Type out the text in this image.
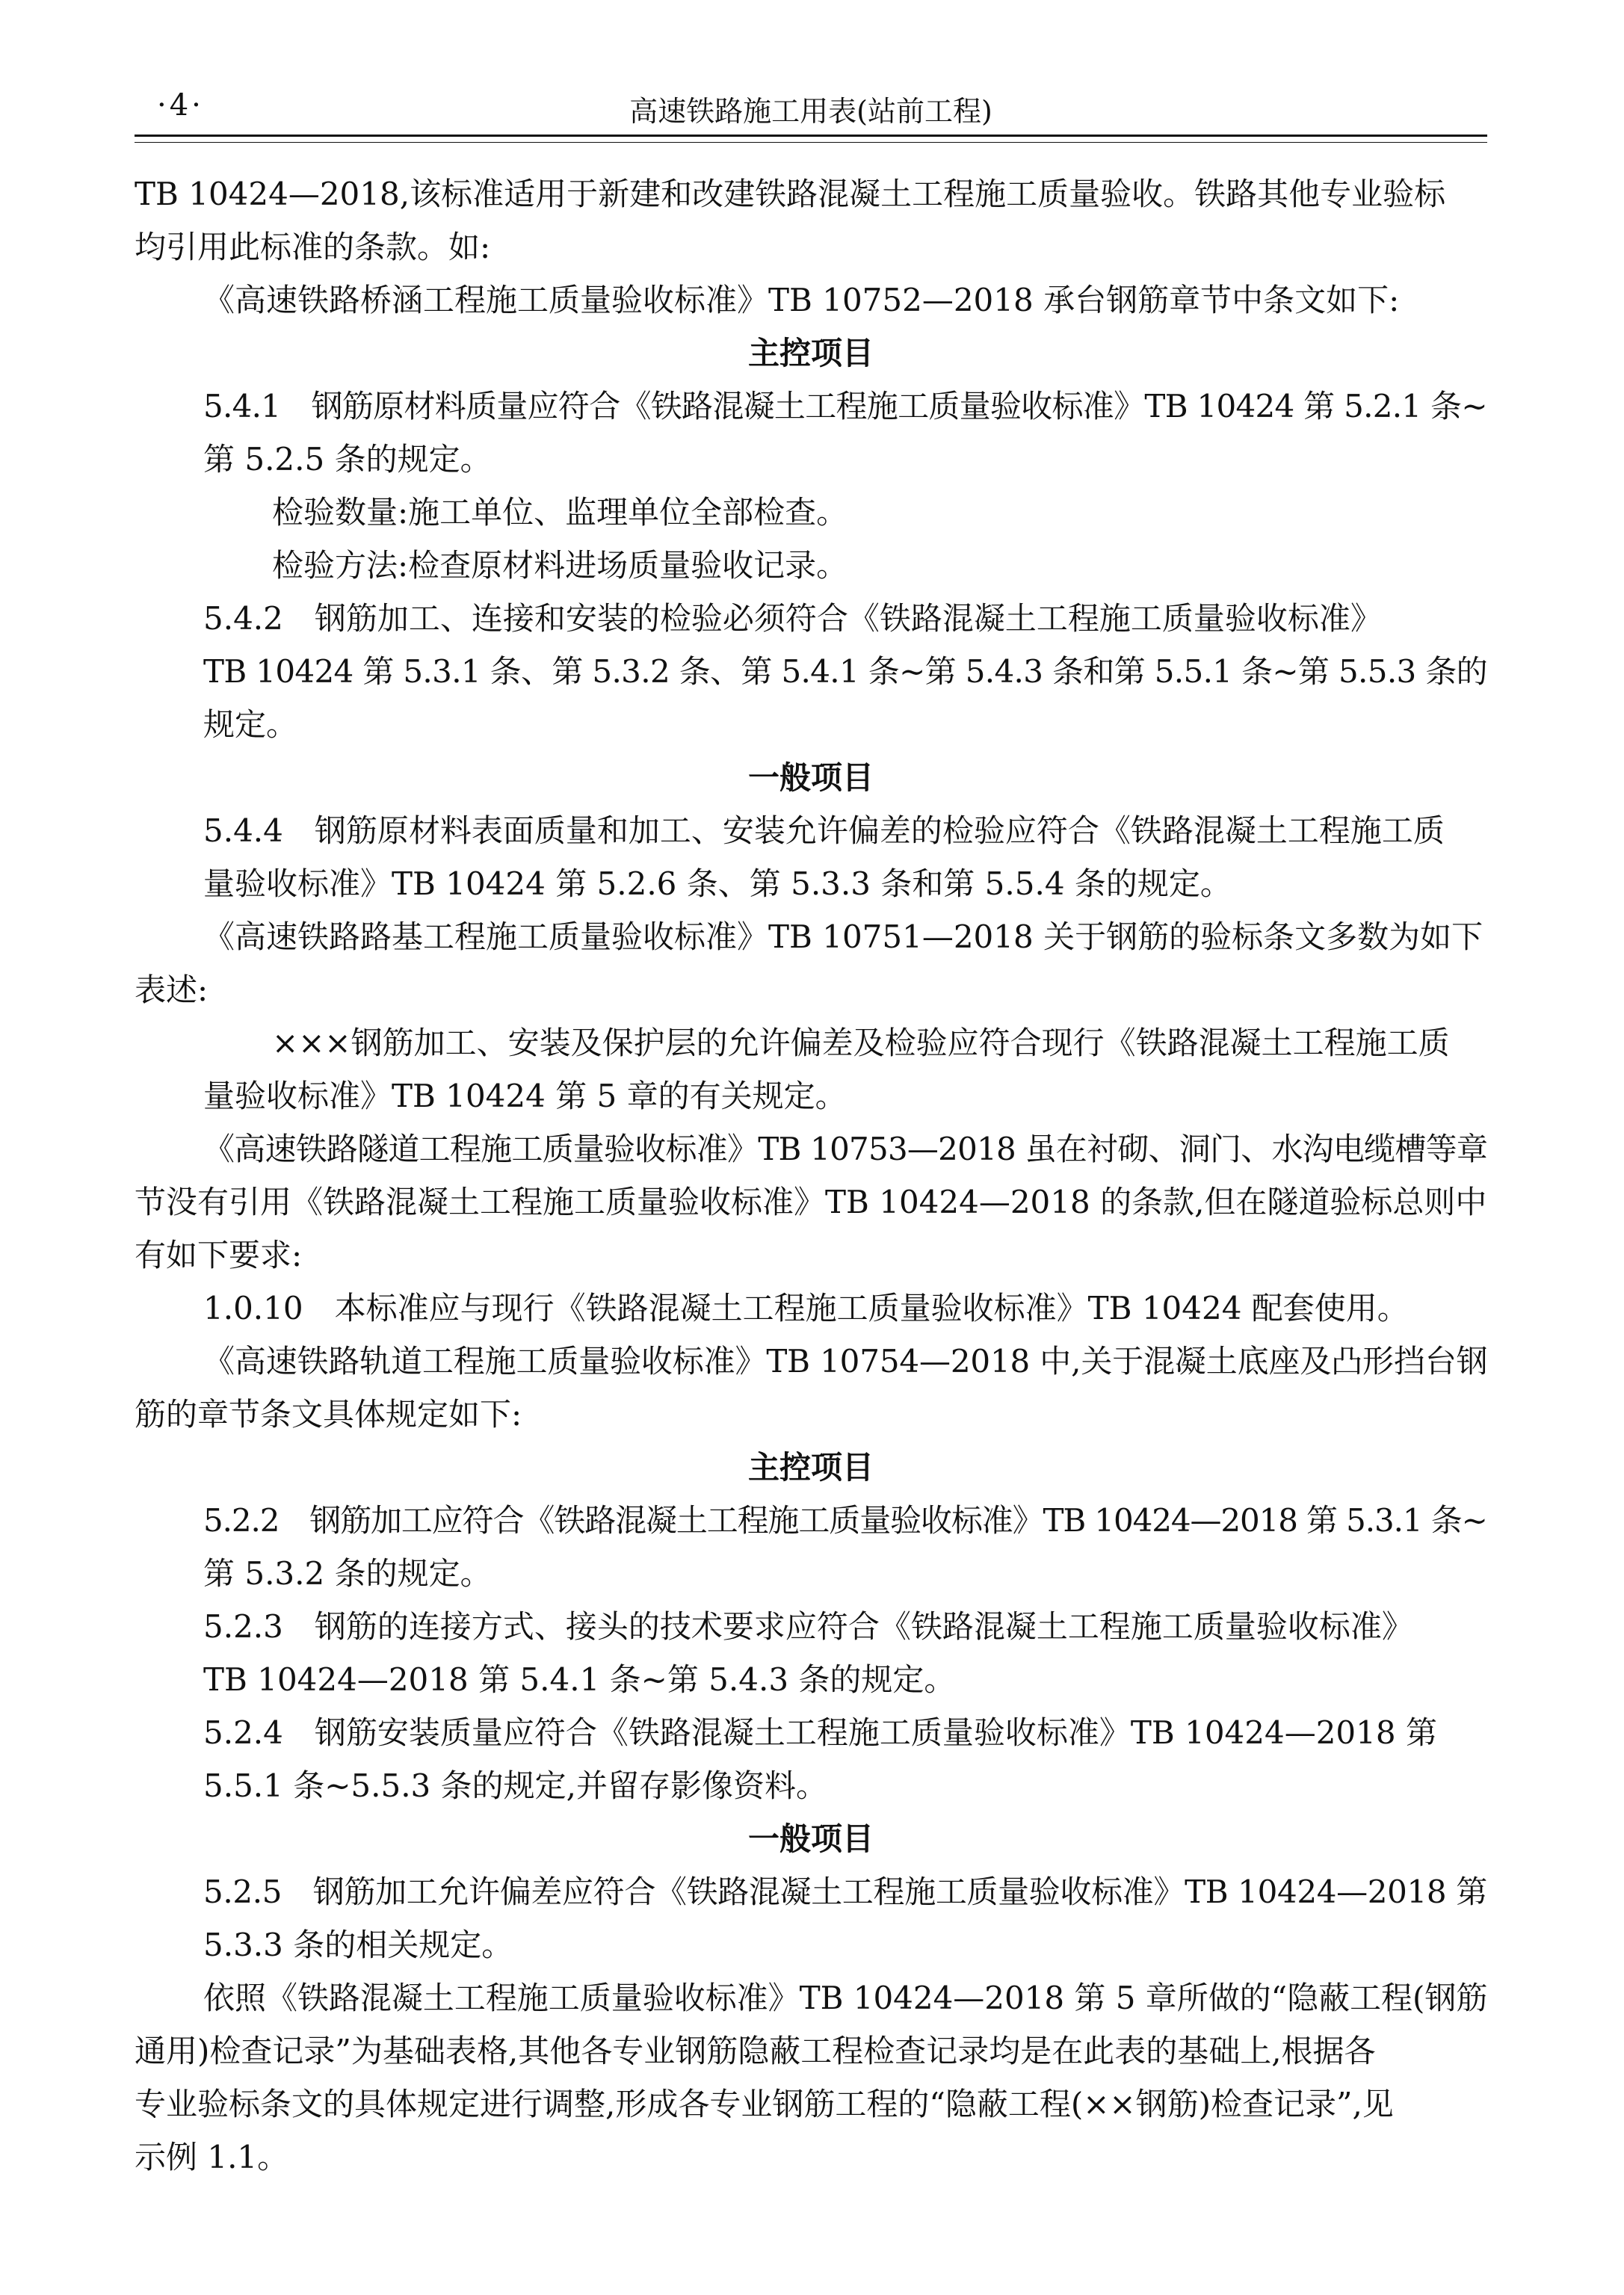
·4·	高速铁路施工用表(站前工程)
TB 10424—2018,该标准适用于新建和改建铁路混凝土工程施工质量验收。铁路其他专业验标
均引用此标准的条款。如:
《高速铁路桥涵工程施工质量验收标准》TB 10752—2018 承台钢筋章节中条文如下:
主控项目
5.4.1　钢筋原材料质量应符合《铁路混凝土工程施工质量验收标准》TB 10424 第 5.2.1 条~
第 5.2.5 条的规定。
检验数量:施工单位、监理单位全部检查。
检验方法:检查原材料进场质量验收记录。
5.4.2　钢筋加工、连接和安装的检验必须符合《铁路混凝土工程施工质量验收标准》
TB 10424 第 5.3.1 条、第 5.3.2 条、第 5.4.1 条~第 5.4.3 条和第 5.5.1 条~第 5.5.3 条的
规定。
一般项目
5.4.4　钢筋原材料表面质量和加工、安装允许偏差的检验应符合《铁路混凝土工程施工质
量验收标准》TB 10424 第 5.2.6 条、第 5.3.3 条和第 5.5.4 条的规定。
《高速铁路路基工程施工质量验收标准》TB 10751—2018 关于钢筋的验标条文多数为如下
表述:
×××钢筋加工、安装及保护层的允许偏差及检验应符合现行《铁路混凝土工程施工质
量验收标准》TB 10424 第 5 章的有关规定。
《高速铁路隧道工程施工质量验收标准》TB 10753—2018 虽在衬砌、洞门、水沟电缆槽等章
节没有引用《铁路混凝土工程施工质量验收标准》TB 10424—2018 的条款,但在隧道验标总则中
有如下要求:
1.0.10　本标准应与现行《铁路混凝土工程施工质量验收标准》TB 10424 配套使用。
《高速铁路轨道工程施工质量验收标准》TB 10754—2018 中,关于混凝土底座及凸形挡台钢
筋的章节条文具体规定如下:
主控项目
5.2.2　钢筋加工应符合《铁路混凝土工程施工质量验收标准》TB 10424—2018 第 5.3.1 条~
第 5.3.2 条的规定。
5.2.3　钢筋的连接方式、接头的技术要求应符合《铁路混凝土工程施工质量验收标准》
TB 10424—2018 第 5.4.1 条~第 5.4.3 条的规定。
5.2.4　钢筋安装质量应符合《铁路混凝土工程施工质量验收标准》TB 10424—2018 第
5.5.1 条~5.5.3 条的规定,并留存影像资料。
一般项目
5.2.5　钢筋加工允许偏差应符合《铁路混凝土工程施工质量验收标准》TB 10424—2018 第
5.3.3 条的相关规定。
依照《铁路混凝土工程施工质量验收标准》TB 10424—2018 第 5 章所做的“隐蔽工程(钢筋
通用)检查记录”为基础表格,其他各专业钢筋隐蔽工程检查记录均是在此表的基础上,根据各
专业验标条文的具体规定进行调整,形成各专业钢筋工程的“隐蔽工程(××钢筋)检查记录”,见
示例 1.1。
